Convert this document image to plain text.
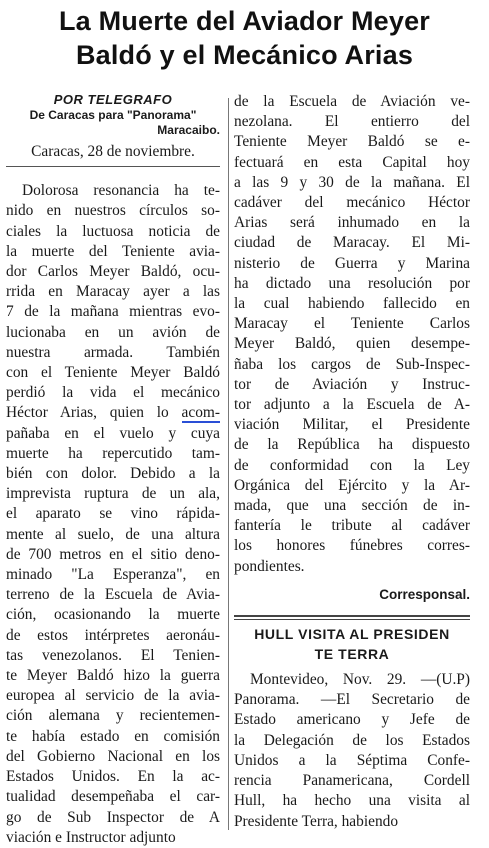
La Muerte del Aviador Meyer
Baldó y el Mecánico Arias

POR TELEGRAFO

De Caracas para "Panorama"

Maracaibo.

Caracas, 28 de noviembre.

Dolorosa resonancia ha te-
nido en nuestros círculos so-
ciales la luctuosa noticia de
la muerte del Teniente avia-
dor Carlos Meyer Baldó, ocu-
rrida en Maracay ayer a las
7 de la mañana mientras evo-
lucionaba en un avión de
nuestra armada. También
con el Teniente Meyer Baldó
perdió la vida el mecánico
Héctor Arias, quien lo acom-
pañaba en el vuelo y cuya
muerte ha repercutido tam-
bién con dolor. Debido a la
imprevista ruptura de un ala,
el aparato se vino rápida-
mente al suelo, de una altura
de 700 metros en el sitio deno-
minado "La Esperanza", en
terreno de la Escuela de Avia-
ción, ocasionando la muerte
de estos intérpretes aeronáu-
tas venezolanos. El Tenien-
te Meyer Baldó hizo la guerra
europea al servicio de la avia-
ción alemana y recientemen-
te había estado en comisión
del Gobierno Nacional en los
Estados Unidos. En la ac-
tualidad desempeñaba el car-
go de Sub Inspector de A
viación e Instructor adjunto
de la Escuela de Aviación ve-
nezolana. El entierro del
Teniente Meyer Baldó se e-
fectuará en esta Capital hoy
a las 9 y 30 de la mañana. El
cadáver del mecánico Héctor
Arias será inhumado en la
ciudad de Maracay. El Mi-
nisterio de Guerra y Marina
ha dictado una resolución por
la cual habiendo fallecido en
Maracay el Teniente Carlos
Meyer Baldó, quien desempe-
ñaba los cargos de Sub-Inspec-
tor de Aviación y Instruc-
tor adjunto a la Escuela de A-
viación Militar, el Presidente
de la República ha dispuesto
de conformidad con la Ley
Orgánica del Ejército y la Ar-
mada, que una sección de in-
fantería le tribute al cadáver
los honores fúnebres corres-
pondientes.

Corresponsal.

HULL VISITA AL PRESIDEN

TE TERRA

Montevideo, Nov. 29. —(U.P)
Panorama. —El Secretario de
Estado americano y Jefe de
la Delegación de los Estados
Unidos a la Séptima Confe-
rencia Panamericana, Cordell
Hull, ha hecho una visita al
Presidente Terra, habiendo
